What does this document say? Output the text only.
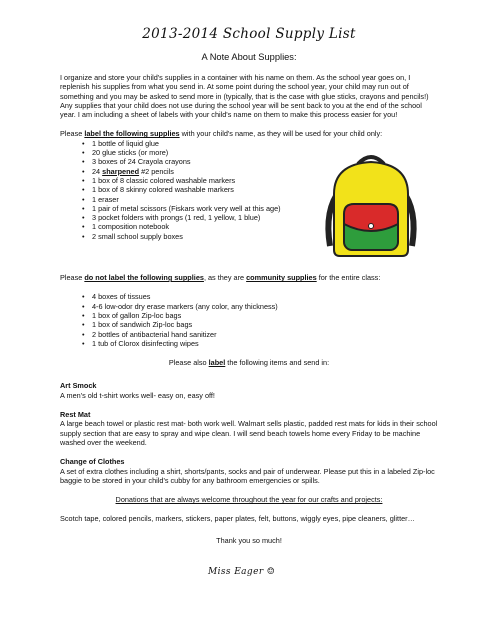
2013-2014 School Supply List
A Note About Supplies:

I organize and store your child's supplies in a container with his name on them. As the school year goes on, I replenish his supplies from what you send in. At some point during the school year, your child may run out of something and you may be asked to send more in (typically, that is the case with glue sticks, crayons and pencils!) Any supplies that your child does not use during the school year will be sent back to you at the end of the school year. I am including a sheet of labels with your child's name on them to make this process easier for you!

Please label the following supplies with your child's name, as they will be used for your child only:

• 1 bottle of liquid glue
• 20 glue sticks (or more)
• 3 boxes of 24 Crayola crayons
• 24 sharpened #2 pencils
• 1 box of 8 classic colored washable markers
• 1 box of 8 skinny colored washable markers
• 1 eraser
• 1 pair of metal scissors (Fiskars work very well at this age)
• 3 pocket folders with prongs (1 red, 1 yellow, 1 blue)
• 1 composition notebook
• 2 small school supply boxes

Please do not label the following supplies, as they are community supplies for the entire class:

• 4 boxes of tissues
• 4-6 low-odor dry erase markers (any color, any thickness)
• 1 box of gallon Zip-loc bags
• 1 box of sandwich Zip-loc bags
• 2 bottles of antibacterial hand sanitizer
• 1 tub of Clorox disinfecting wipes

Please also label the following items and send in:

Art Smock

A men's old t-shirt works well- easy on, easy off!

Rest Mat

A large beach towel or plastic rest mat- both work well. Walmart sells plastic, padded rest mats for kids in their school supply section that are easy to spray and wipe clean. I will send beach towels home every Friday to be machine washed over the weekend.

Change of Clothes

A set of extra clothes including a shirt, shorts/pants, socks and pair of underwear. Please put this in a labeled Zip-loc baggie to be stored in your child's cubby for any bathroom emergencies or spills.

Donations that are always welcome throughout the year for our crafts and projects:

Scotch tape, colored pencils, markers, stickers, paper plates, felt, buttons, wiggly eyes, pipe cleaners, glitter…

Thank you so much!

Miss Eager ☺
